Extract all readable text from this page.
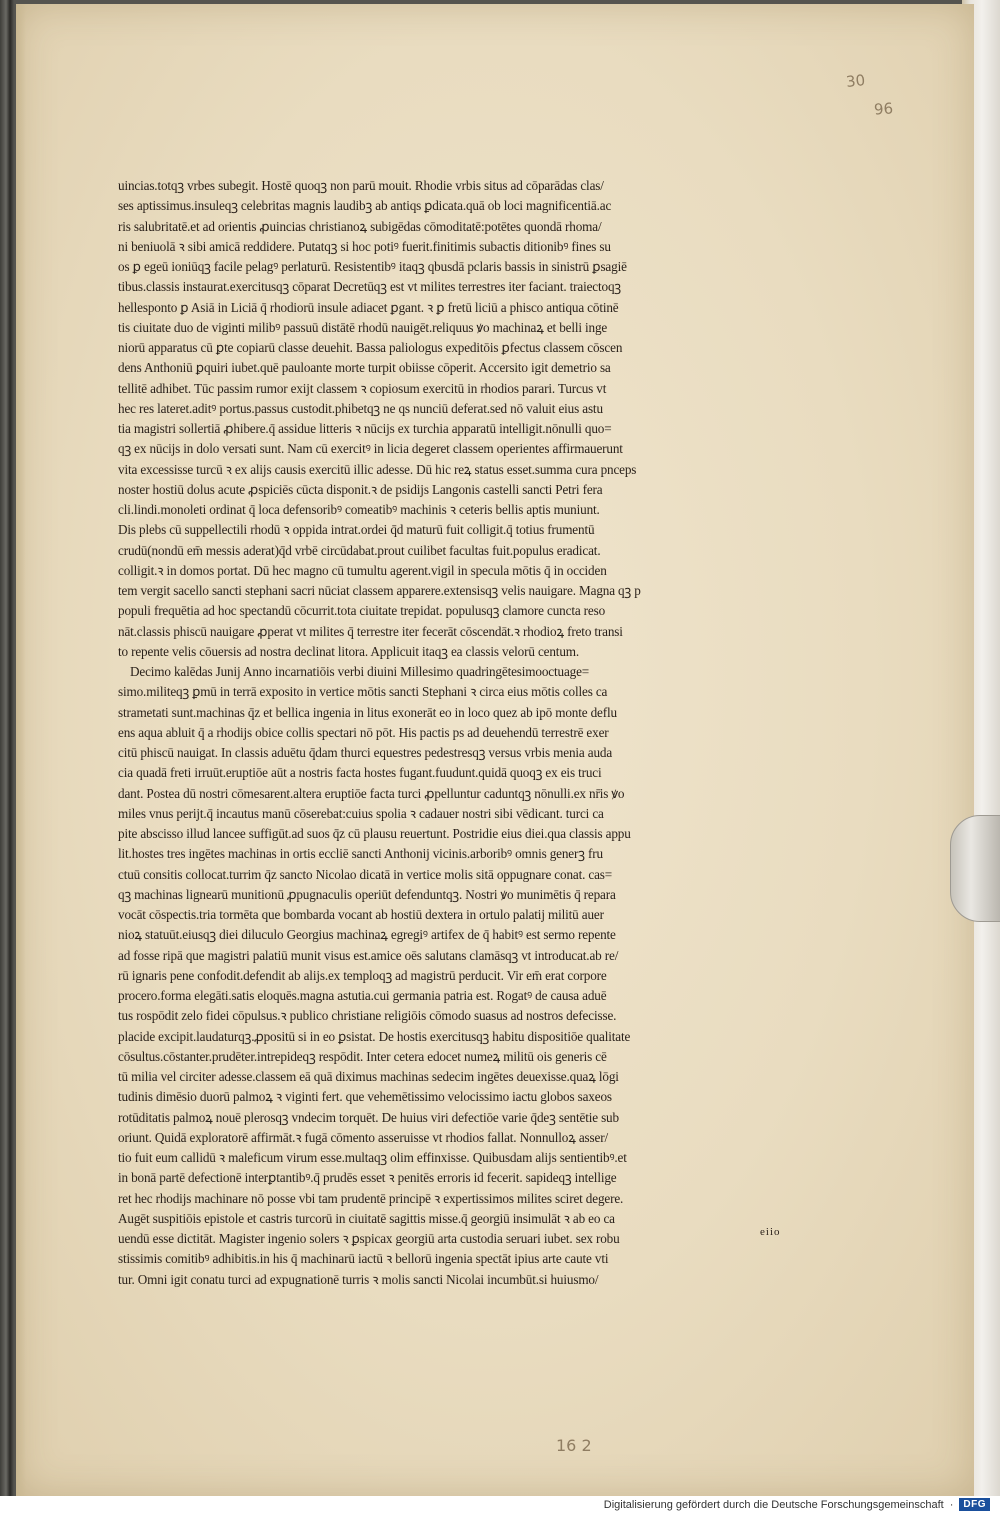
30
96
uincias.totqꝫ vrbes subegit. Hostē quoqꝫ non parū mouit. Rhodie vrbis situs ad cōparādas clas/
ses aptissimus.insuleqꝫ celebritas magnis laudibꝫ ab antiqs ꝑdicata.quā ob loci magnificentiā.ac
ris salubritatē.et ad orientis ꝓuincias christianoꝝ subigēdas cōmoditatē:potētes quondā rhoma/
ni beniuolā ꝛ sibi amicā reddidere. Putatqꝫ si hoc potiꝰ fuerit.finitimis subactis ditionibꝰ fines su
os ꝑ egeū ioniūqꝫ facile pelagꝰ perlaturū. Resistentibꝰ itaqꝫ qbusdā pclaris bassis in sinistrū ꝑsagiē
tibus.classis instaurat.exercitusqꝫ cōparat Decretūqꝫ est vt milites terrestres iter faciant. traiectoqꝫ
hellesponto ꝑ Asiā in Liciā q̄ rhodiorū insule adiacet ꝑgant. ꝛ ꝑ fretū liciū a phisco antiqua cōtinē
tis ciuitate duo de viginti milibꝰ passuū distātē rhodū nauigēt.reliquus ꝟo machinaꝝ et belli inge
niorū apparatus cū ꝑte copiarū classe deuehit. Bassa paliologus expeditōis ꝑfectus classem cōscen
dens Anthoniū ꝑquiri iubet.quē pauloante morte turpit obiisse cōperit. Accersito igit demetrio sa
tellitē adhibet. Tūc passim rumor exijt classem ꝛ copiosum exercitū in rhodios parari. Turcus vt
hec res lateret.aditꝰ portus.passus custodit.phibetqꝫ ne qs nunciū deferat.sed nō valuit eius astu
tia magistri sollertiā ꝓhibere.q̄ assidue litteris ꝛ nūcijs ex turchia apparatū intelligit.nōnulli quo=
qꝫ ex nūcijs in dolo versati sunt. Nam cū exercitꝰ in licia degeret classem operientes affirmauerunt
vita excessisse turcū ꝛ ex alijs causis exercitū illic adesse. Dū hic reꝝ status esset.summa cura pnceps
noster hostiū dolus acute ꝓspiciēs cūcta disponit.ꝛ de psidijs Langonis castelli sancti Petri fera
cli.lindi.monoleti ordinat q̄ loca defensoribꝰ comeatibꝰ machinis ꝛ ceteris bellis aptis muniunt.
Dis plebs cū suppellectili rhodū ꝛ oppida intrat.ordei q̄d maturū fuit colligit.q̄ totius frumentū
crudū(nondū em̄ messis aderat)q̄d vrbē circūdabat.prout cuilibet facultas fuit.populus eradicat.
colligit.ꝛ in domos portat. Dū hec magno cū tumultu agerent.vigil in specula mōtis q̄ in occiden
tem vergit sacello sancti stephani sacri nūciat classem apparere.extensisqꝫ velis nauigare. Magna qꝫ p
populi frequētia ad hoc spectandū cōcurrit.tota ciuitate trepidat. populusqꝫ clamore cuncta reso
nāt.classis phiscū nauigare ꝓperat vt milites q̄ terrestre iter fecerāt cōscendāt.ꝛ rhodioꝝ freto transi
to repente velis cōuersis ad nostra declinat litora. Applicuit itaqꝫ ea classis velorū centum.
Decimo kalēdas Junij Anno incarnatiōis verbi diuini Millesimo quadringētesimooctuage=
simo.militeqꝫ ꝑmū in terrā exposito in vertice mōtis sancti Stephani ꝛ circa eius mōtis colles ca
strametati sunt.machinas q̄z et bellica ingenia in litus exonerāt eo in loco quez ab ipō monte deflu
ens aqua abluit q̄ a rhodijs obice collis spectari nō pōt. His pactis ps ad deuehendū terrestrē exer
citū phiscū nauigat. In classis aduētu q̄dam thurci equestres pedestresqꝫ versus vrbis menia auda
cia quadā freti irruūt.eruptiōe aūt a nostris facta hostes fugant.fuudunt.quidā quoqꝫ ex eis truci
dant. Postea dū nostri cōmesarent.altera eruptiōe facta turci ꝓpelluntur caduntqꝫ nōnulli.ex nr̄is ꝟo
miles vnus perijt.q̄ incautus manū cōserebat:cuius spolia ꝛ cadauer nostri sibi vēdicant. turci ca
pite abscisso illud lancee suffigūt.ad suos q̄z cū plausu reuertunt. Postridie eius diei.qua classis appu
lit.hostes tres ingētes machinas in ortis eccliē sancti Anthonij vicinis.arboribꝰ omnis generꝫ fru
ctuū consitis collocat.turrim q̄z sancto Nicolao dicatā in vertice molis sitā oppugnare conat. cas=
qꝫ machinas lignearū munitionū ꝓpugnaculis operiūt defenduntqꝫ. Nostri ꝟo munimētis q̄ repara
vocāt cōspectis.tria tormēta que bombarda vocant ab hostiū dextera in ortulo palatij militū auer
nioꝝ statuūt.eiusqꝫ diei diluculo Georgius machinaꝝ egregiꝰ artifex de q̄ habitꝰ est sermo repente
ad fosse ripā que magistri palatiū munit visus est.amice oēs salutans clamāsqꝫ vt introducat.ab re/
rū ignaris pene confodit.defendit ab alijs.ex temploqꝫ ad magistrū perducit. Vir em̄ erat corpore
procero.forma elegāti.satis eloquēs.magna astutia.cui germania patria est. Rogatꝰ de causa aduē
tus rospōdit zelo fidei cōpulsus.ꝛ publico christiane religiōis cōmodo suasus ad nostros defecisse.
placide excipit.laudaturqꝫ.ꝓpositū si in eo ꝑsistat. De hostis exercitusqꝫ habitu dispositiōe qualitate
cōsultus.cōstanter.prudēter.intrepideqꝫ respōdit. Inter cetera edocet numeꝝ militū ois generis cē
tū milia vel circiter adesse.classem eā quā diximus machinas sedecim ingētes deuexisse.quaꝝ lōgi
tudinis dimēsio duorū palmoꝝ ꝛ viginti fert. que vehemētissimo velocissimo iactu globos saxeos
rotūditatis palmoꝝ nouē plerosqꝫ vndecim torquēt. De huius viri defectiōe varie q̄deꝫ sentētie sub
oriunt. Quidā exploratorē affirmāt.ꝛ fugā cōmento asseruisse vt rhodios fallat. Nonnulloꝝ asser/
tio fuit eum callidū ꝛ maleficum virum esse.multaqꝫ olim effinxisse. Quibusdam alijs sentientibꝰ.et
in bonā partē defectionē interꝑtantibꝰ.q̄ prudēs esset ꝛ penitēs erroris id fecerit. sapideqꝫ intellige
ret hec rhodijs machinare nō posse vbi tam prudentē principē ꝛ expertissimos milites sciret degere.
Augēt suspitiōis epistole et castris turcorū in ciuitatē sagittis misse.q̄ georgiū insimulāt ꝛ ab eo ca
uendū esse dictitāt. Magister ingenio solers ꝛ ꝑspicax georgiū arta custodia seruari iubet. sex robu
stissimis comitibꝰ adhibitis.in his q̄ machinarū iactū ꝛ bellorū ingenia spectāt ipius arte caute vti
tur. Omni igit conatu turci ad expugnationē turris ꝛ molis sancti Nicolai incumbūt.si huiusmo/
eiio
16 2
Digitalisierung gefördert durch die Deutsche Forschungsgemeinschaft ·	DFG
